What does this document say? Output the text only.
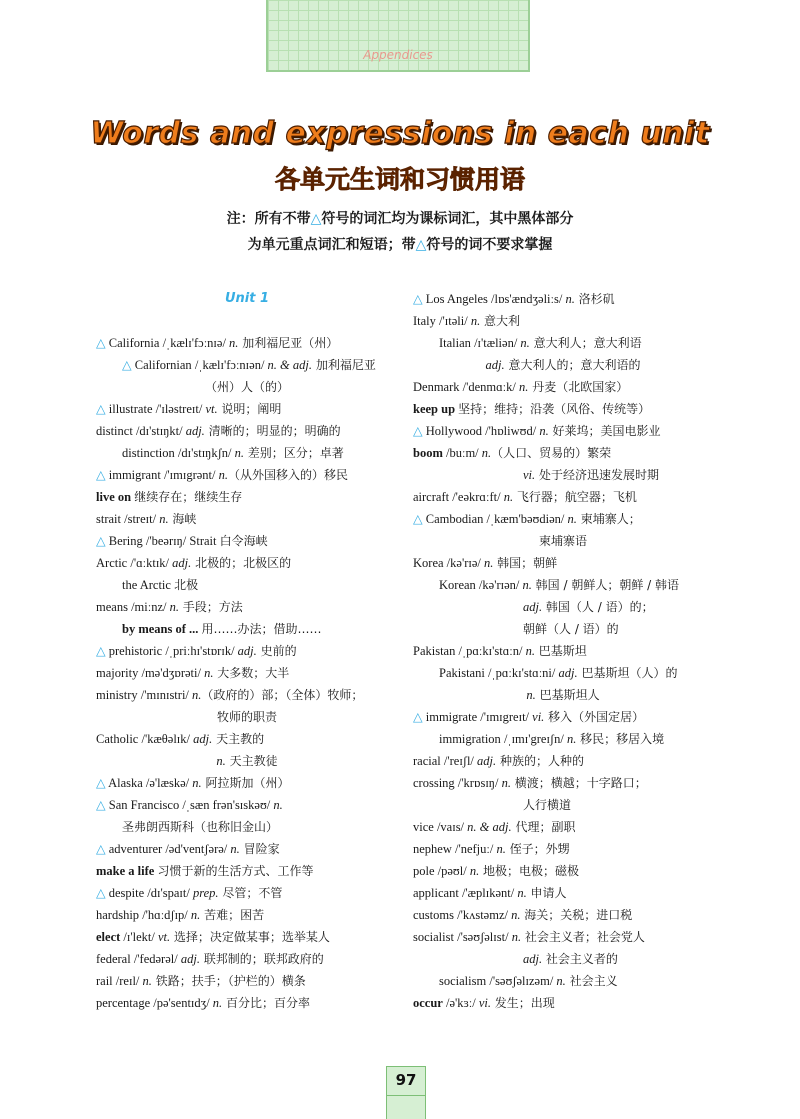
Appendices
Words and expressions in each unit
各单元生词和习惯用语
注：所有不带△符号的词汇均为课标词汇，其中黑体部分
为单元重点词汇和短语；带△符号的词不要求掌握
Unit 1
△ California /ˌkælɪ'fɔːnɪə/ n. 加利福尼亚（州）
△ Californian /ˌkælɪ'fɔːnɪən/ n. & adj. 加利福尼亚
（州）人（的）
△ illustrate /'ɪləstreɪt/ vt. 说明；阐明
distinct /dɪ'stɪŋkt/ adj. 清晰的；明显的；明确的
distinction /dɪ'stɪŋkʃn/ n. 差别；区分；卓著
△ immigrant /'ɪmɪgrənt/ n.（从外国移入的）移民
live on 继续存在；继续生存
strait /streɪt/ n. 海峡
△ Bering /'beərɪŋ/ Strait 白令海峡
Arctic /'ɑːktɪk/ adj. 北极的；北极区的
the Arctic 北极
means /miːnz/ n. 手段；方法
by means of ... 用……办法；借助……
△ prehistoric /ˌpriːhɪ'stɒrɪk/ adj. 史前的
majority /mə'dʒɒrəti/ n. 大多数；大半
ministry /'mɪnɪstri/ n.（政府的）部；（全体）牧师；
牧师的职责
Catholic /'kæθəlɪk/ adj. 天主教的
n. 天主教徒
△ Alaska /ə'læskə/ n. 阿拉斯加（州）
△ San Francisco /ˌsæn frən'sɪskəʊ/ n.
圣弗朗西斯科（也称旧金山）
△ adventurer /əd'ventʃərə/ n. 冒险家
make a life 习惯于新的生活方式、工作等
△ despite /dɪ'spaɪt/ prep. 尽管；不管
hardship /'hɑːdʃɪp/ n. 苦难；困苦
elect /ɪ'lekt/ vt. 选择；决定做某事；选举某人
federal /'fedərəl/ adj. 联邦制的；联邦政府的
rail /reɪl/ n. 铁路；扶手；（护栏的）横条
percentage /pə'sentɪdʒ/ n. 百分比；百分率
△ Los Angeles /lɒs'ændʒəliːs/ n. 洛杉矶
Italy /'ɪtəli/ n. 意大利
Italian /ɪ'tæliən/ n. 意大利人；意大利语
adj. 意大利人的；意大利语的
Denmark /'denmɑːk/ n. 丹麦（北欧国家）
keep up 坚持；维持；沿袭（风俗、传统等）
△ Hollywood /'hɒliwʊd/ n. 好莱坞；美国电影业
boom /buːm/ n.（人口、贸易的）繁荣
vi. 处于经济迅速发展时期
aircraft /'eəkrɑːft/ n. 飞行器；航空器；飞机
△ Cambodian /ˌkæm'bəʊdiən/ n. 柬埔寨人；
柬埔寨语
Korea /kə'rɪə/ n. 韩国；朝鲜
Korean /kə'rɪən/ n. 韩国 / 朝鲜人；朝鲜 / 韩语
adj. 韩国（人 / 语）的；
朝鲜（人 / 语）的
Pakistan /ˌpɑːkɪ'stɑːn/ n. 巴基斯坦
Pakistani /ˌpɑːkɪ'stɑːni/ adj. 巴基斯坦（人）的
n. 巴基斯坦人
△ immigrate /'ɪmɪgreɪt/ vi. 移入（外国定居）
immigration /ˌɪmɪ'greɪʃn/ n. 移民；移居入境
racial /'reɪʃl/ adj. 种族的；人种的
crossing /'krɒsɪŋ/ n. 横渡；横越；十字路口；
人行横道
vice /vaɪs/ n. & adj. 代理；副职
nephew /'nefjuː/ n. 侄子；外甥
pole /pəʊl/ n. 地极；电极；磁极
applicant /'æplɪkənt/ n. 申请人
customs /'kʌstəmz/ n. 海关；关税；进口税
socialist /'səʊʃəlɪst/ n. 社会主义者；社会党人
adj. 社会主义者的
socialism /'səʊʃəlɪzəm/ n. 社会主义
occur /ə'kɜː/ vi. 发生；出现
97
